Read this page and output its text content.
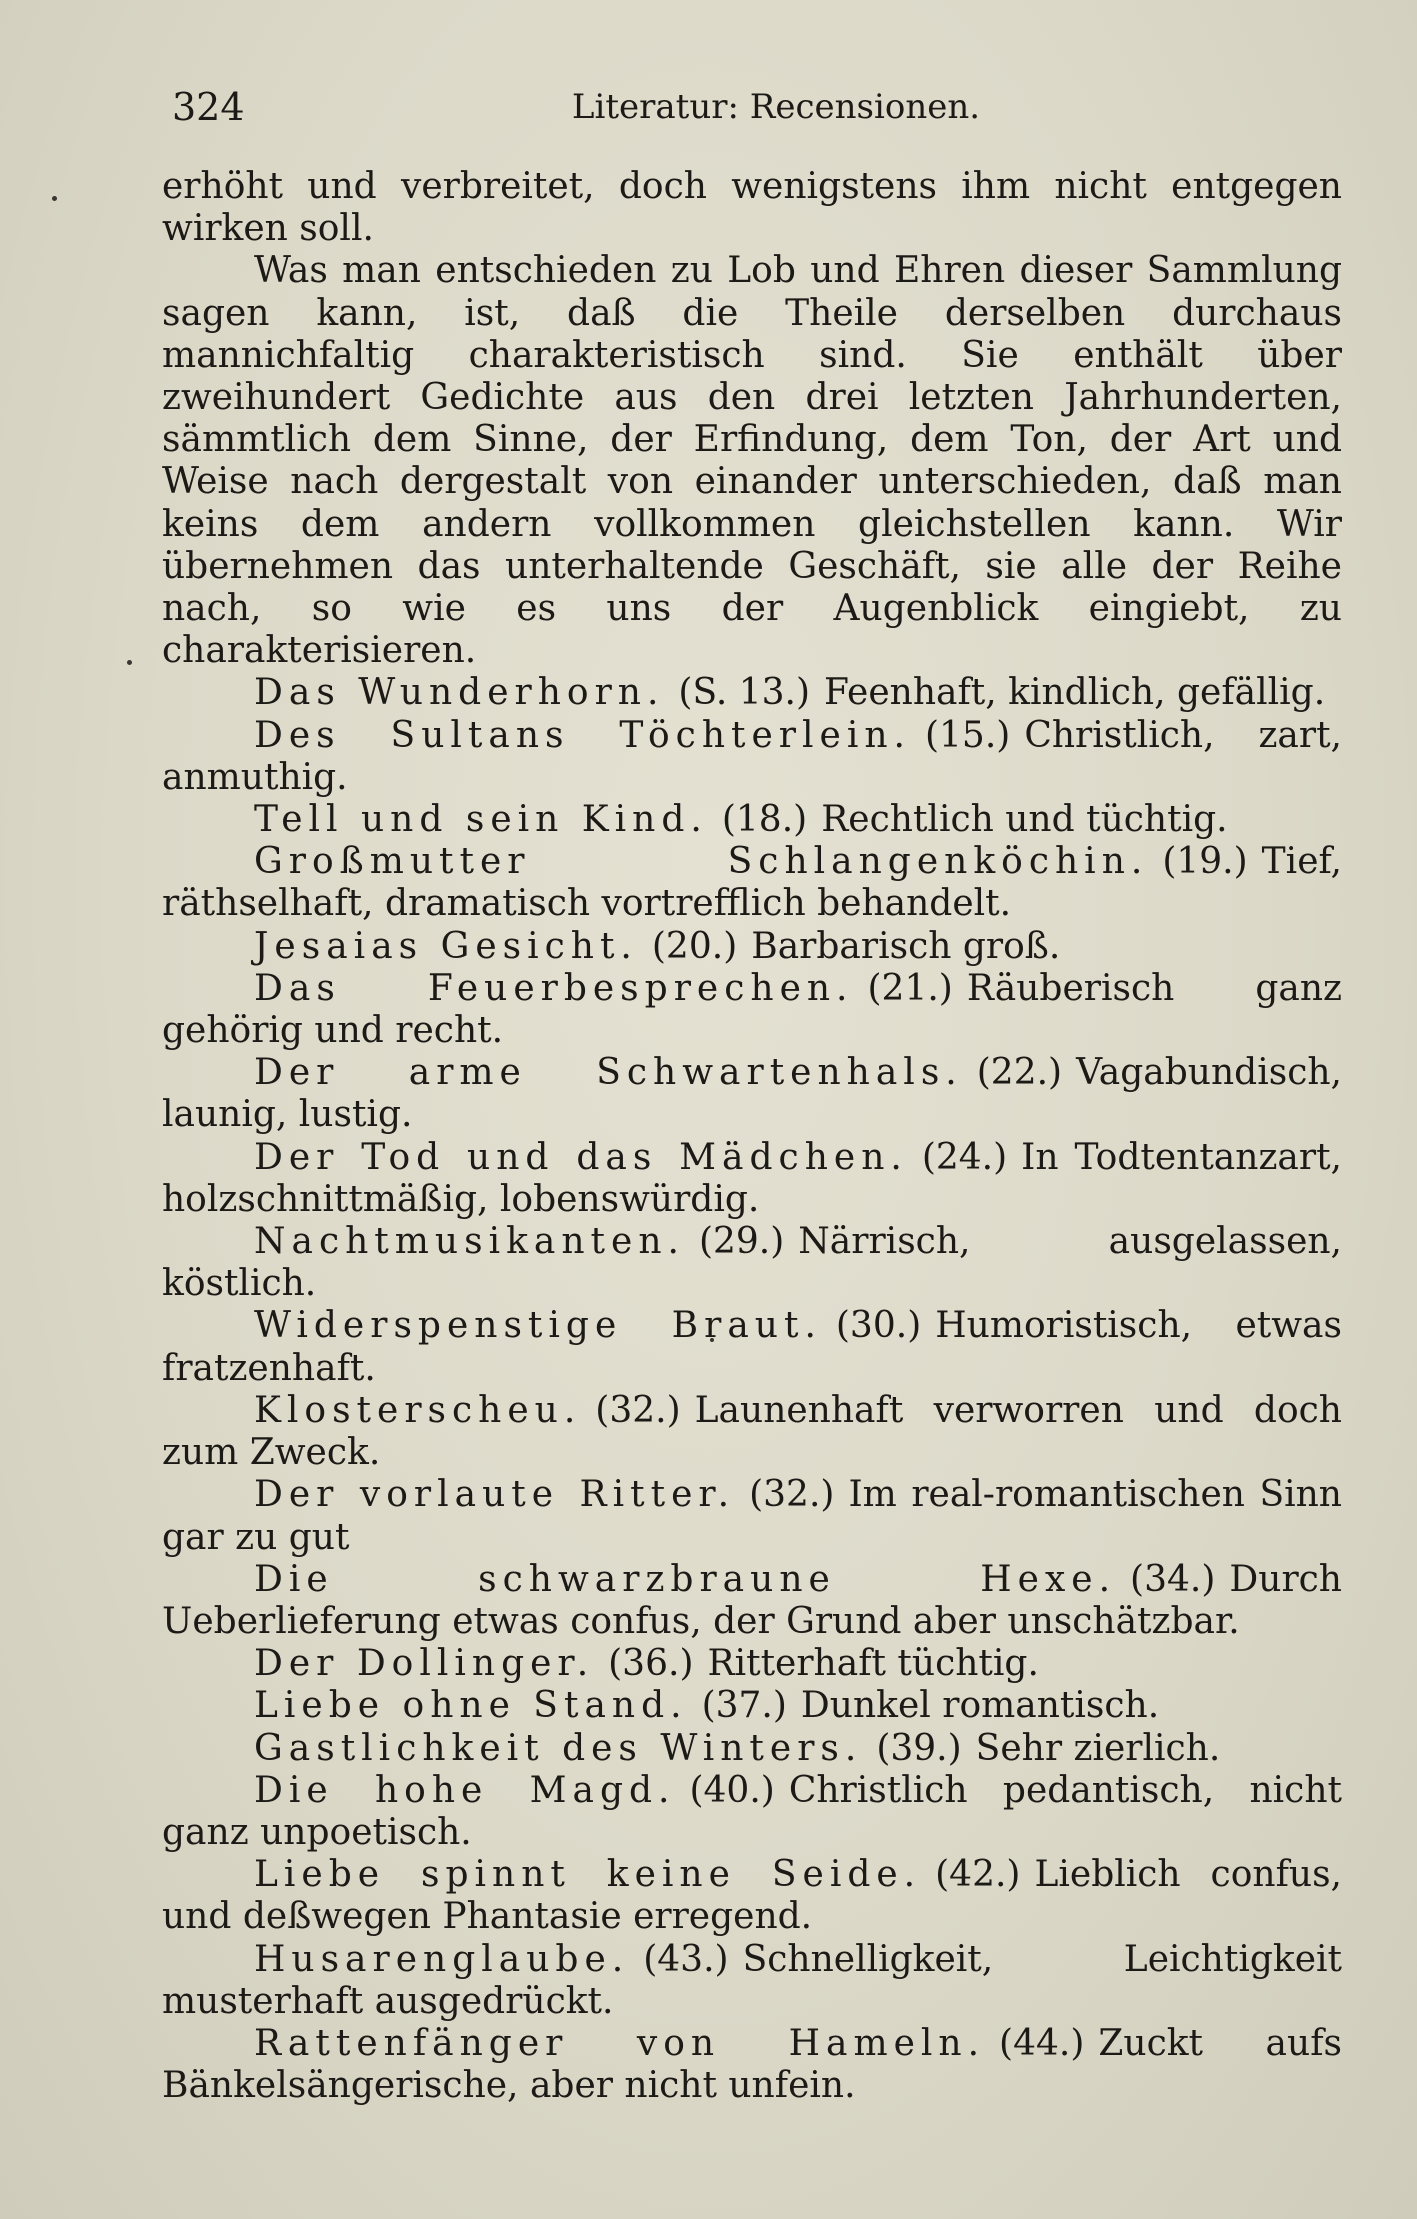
324	Literatur: Recensionen.

erhöht und verbreitet, doch wenigstens ihm nicht entgegen wirken soll.

Was man entschieden zu Lob und Ehren dieser Sammlung sagen kann, ist, daß die Theile derselben durchaus mannichfaltig charakteristisch sind. Sie enthält über zweihundert Gedichte aus den drei letzten Jahrhunderten, sämmtlich dem Sinne, der Erfindung, dem Ton, der Art und Weise nach dergestalt von einander unterschieden, daß man keins dem andern vollkommen gleichstellen kann. Wir übernehmen das unterhaltende Geschäft, sie alle der Reihe nach, so wie es uns der Augenblick eingiebt, zu charakterisieren.

Das Wunderhorn. (S. 13.) Feenhaft, kindlich, gefällig.

Des Sultans Töchterlein. (15.) Christlich, zart, anmuthig.

Tell und sein Kind. (18.) Rechtlich und tüchtig.

Großmutter Schlangenköchin. (19.) Tief, räthselhaft, dramatisch vortrefflich behandelt.

Jesaias Gesicht. (20.) Barbarisch groß.

Das Feuerbesprechen. (21.) Räuberisch ganz gehörig und recht.

Der arme Schwartenhals. (22.) Vagabundisch, launig, lustig.

Der Tod und das Mädchen. (24.) In Todtentanzart, holzschnittmäßig, lobenswürdig.

Nachtmusikanten. (29.) Närrisch, ausgelassen, köstlich.

Widerspenstige Braut. (30.) Humoristisch, etwas fratzenhaft.

Klosterscheu. (32.) Launenhaft verworren und doch zum Zweck.

Der vorlaute Ritter. (32.) Im real-romantischen Sinn gar zu gut

Die schwarzbraune Hexe. (34.) Durch Ueberlieferung etwas confus, der Grund aber unschätzbar.

Der Dollinger. (36.) Ritterhaft tüchtig.

Liebe ohne Stand. (37.) Dunkel romantisch.

Gastlichkeit des Winters. (39.) Sehr zierlich.

Die hohe Magd. (40.) Christlich pedantisch, nicht ganz unpoetisch.

Liebe spinnt keine Seide. (42.) Lieblich confus, und deßwegen Phantasie erregend.

Husarenglaube. (43.) Schnelligkeit, Leichtigkeit musterhaft ausgedrückt.

Rattenfänger von Hameln. (44.) Zuckt aufs Bänkelsängerische, aber nicht unfein.
